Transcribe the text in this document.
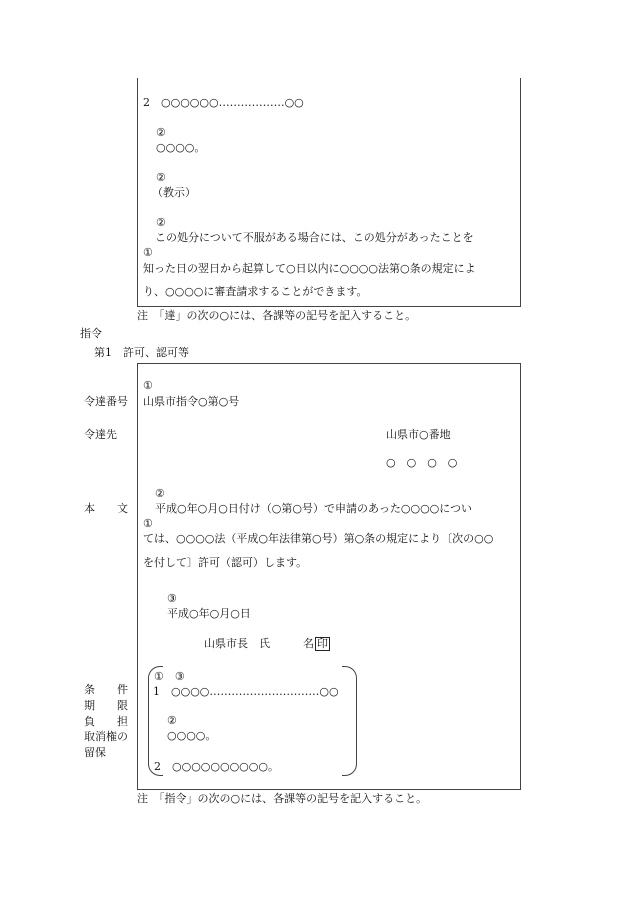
2　○○○○○○………………○○
②
○○○○。
②
（教示）
②
この処分について不服がある場合には、この処分があったことを
①
知った日の翌日から起算して○日以内に○○○○法第○条の規定によ
り、○○○○に審査請求することができます。
注　「達」の次の○には、各課等の記号を記入すること。
指令
第1　許可、認可等
①
令達番号 山県市指令○第○号
令達先	山県市○番地
○　○　○　○
②
本　　文 平成○年○月○日付け（○第○号）で申請のあった○○○○につい
①
ては、○○○○法（平成○年法律第○号）第○条の規定により〔次の○○
を付して〕許可（認可）します。
③
平成○年○月○日
山県市長　氏　　　名 印
条　　件
期　　限
負　　担
取消権の
留保
①　③
1　○○○○…………………………○○
②
○○○○。
2　○○○○○○○○○○。
注　「指令」の次の○には、各課等の記号を記入すること。
